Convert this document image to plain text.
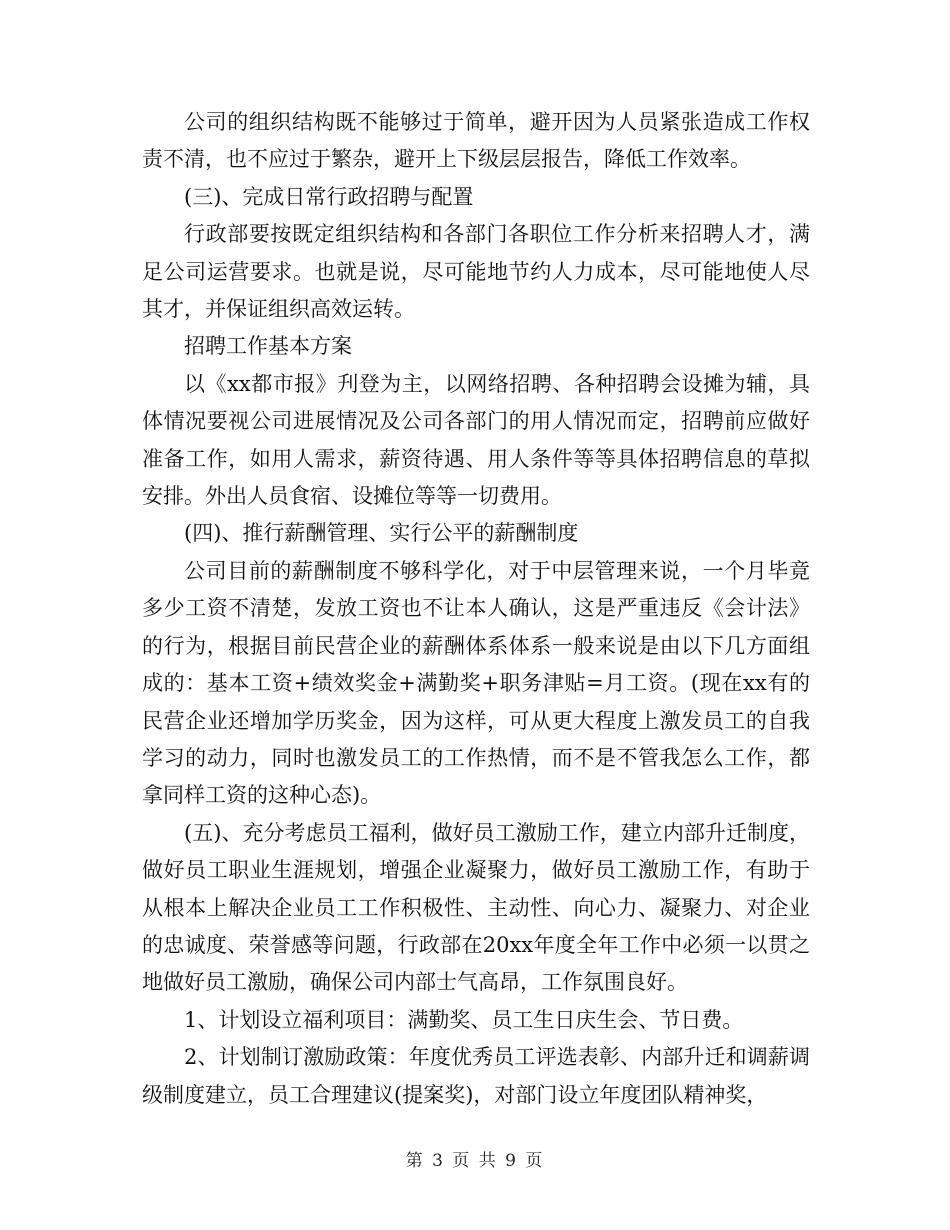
公司的组织结构既不能够过于简单，避开因为人员紧张造成工作权责不清，也不应过于繁杂，避开上下级层层报告，降低工作效率。

(三)、完成日常行政招聘与配置

行政部要按既定组织结构和各部门各职位工作分析来招聘人才，满足公司运营要求。也就是说，尽可能地节约人力成本，尽可能地使人尽其才，并保证组织高效运转。

招聘工作基本方案

以《xx都市报》刋登为主，以网络招聘、各种招聘会设摊为辅，具体情况要视公司进展情况及公司各部门的用人情况而定，招聘前应做好准备工作，如用人需求，薪资待遇、用人条件等等具体招聘信息的草拟安排。外出人员食宿、设摊位等等一切费用。

(四)、推行薪酬管理、实行公平的薪酬制度

公司目前的薪酬制度不够科学化，对于中层管理来说，一个月毕竟多少工资不清楚，发放工资也不让本人确认，这是严重违反《会计法》的行为，根据目前民营企业的薪酬体系体系一般来说是由以下几方面组成的：基本工资+绩效奖金+满勤奖+职务津贴=月工资。(现在xx有的民营企业还增加学历奖金，因为这样，可从更大程度上激发员工的自我学习的动力，同时也激发员工的工作热情，而不是不管我怎么工作，都拿同样工资的这种心态)。

(五)、充分考虑员工福利，做好员工激励工作，建立内部升迁制度，做好员工职业生涯规划，增强企业凝聚力，做好员工激励工作，有助于从根本上解决企业员工工作积极性、主动性、向心力、凝聚力、对企业的忠诚度、荣誉感等问题，行政部在20xx年度全年工作中必须一以贯之地做好员工激励，确保公司内部士气高昂，工作氛围良好。

1、计划设立福利项目：满勤奖、员工生日庆生会、节日费。

2、计划制订激励政策：年度优秀员工评选表彰、内部升迁和调薪调级制度建立，员工合理建议(提案奖)，对部门设立年度团队精神奖，

第 3 页 共 9 页
